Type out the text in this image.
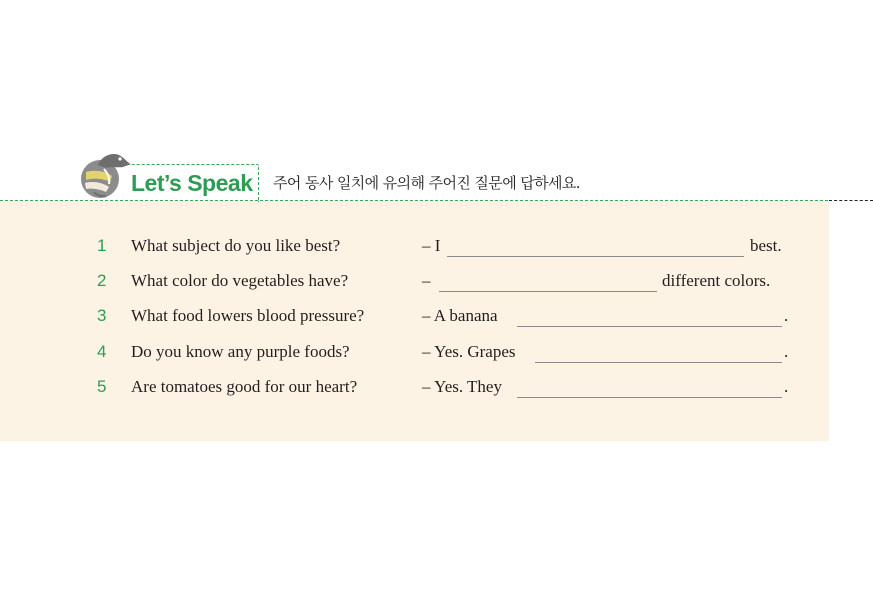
Let’s Speak 주어 동사 일치에 유의해 주어진 질문에 답하세요.
1 What subject do you like best?	– I	best.
2 What color do vegetables have?	–	different colors.
3 What food lowers blood pressure?	– A banana	.
4 Do you know any purple foods?	– Yes. Grapes	.
5 Are tomatoes good for our heart?	– Yes. They	.
